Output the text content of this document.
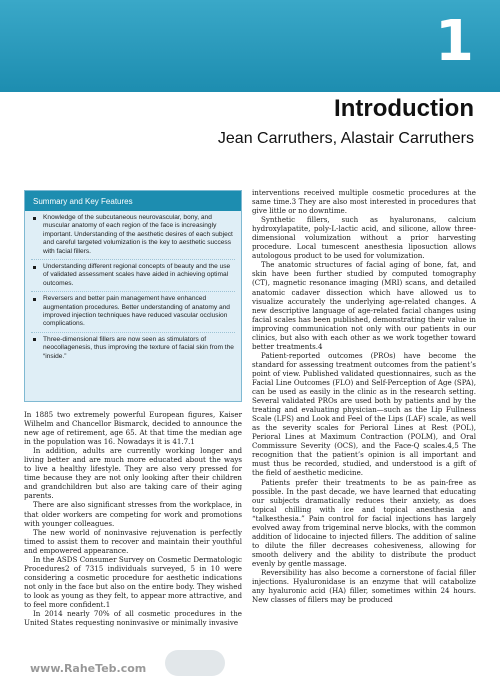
1
Introduction
Jean Carruthers, Alastair Carruthers
Summary and Key Features
Knowledge of the subcutaneous neurovascular, bony, and muscular anatomy of each region of the face is increasingly important. Understanding of the aesthetic desires of each subject and careful targeted volumization is the key to aesthetic success with facial fillers.
Understanding different regional concepts of beauty and the use of validated assessment scales have aided in achieving optimal outcomes.
Reversers and better pain management have enhanced augmentation procedures. Better understanding of anatomy and improved injection techniques have reduced vascular occlusion complications.
Three-dimensional fillers are now seen as stimulators of neocollagenesis, thus improving the texture of facial skin from the “inside.”

In 1885 two extremely powerful European figures, Kaiser Wilhelm and Chancellor Bismarck, decided to announce the new age of retirement, age 65. At that time the median age in the population was 16. Nowadays it is 41.7.1

In addition, adults are currently working longer and living better and are much more educated about the ways to live a healthy lifestyle. They are also very pressed for time because they are not only looking after their children and grandchildren but also are taking care of their aging parents.

There are also significant stresses from the workplace, in that older workers are competing for work and promotions with younger colleagues.

The new world of noninvasive rejuvenation is perfectly timed to assist them to recover and maintain their youthful and empowered appearance.

In the ASDS Consumer Survey on Cosmetic Dermatologic Procedures2 of 7315 individuals surveyed, 5 in 10 were considering a cosmetic procedure for aesthetic indications not only in the face but also on the entire body. They wished to look as young as they felt, to appear more attractive, and to feel more confident.1

In 2014 nearly 70% of all cosmetic procedures in the United States requesting noninvasive or minimally invasive

interventions received multiple cosmetic procedures at the same time.3 They are also most interested in procedures that give little or no downtime.

Synthetic fillers, such as hyaluronans, calcium hydroxylapatite, poly-L-lactic acid, and silicone, allow three-dimensional volumization without a prior harvesting procedure. Local tumescent anesthesia liposuction allows autologous product to be used for volumization.

The anatomic structures of facial aging of bone, fat, and skin have been further studied by computed tomography (CT), magnetic resonance imaging (MRI) scans, and detailed anatomic cadaver dissection which have allowed us to visualize accurately the underlying age-related changes. A new descriptive language of age-related facial changes using facial scales has been published, demonstrating their value in improving communication not only with our patients in our clinics, but also with each other as we work together toward better treatments.4

Patient-reported outcomes (PROs) have become the standard for assessing treatment outcomes from the patient’s point of view. Published validated questionnaires, such as the Facial Line Outcomes (FLO) and Self-Perception of Age (SPA), can be used as easily in the clinic as in the research setting. Several validated PROs are used both by patients and by the treating and evaluating physician—such as the Lip Fullness Scale (LFS) and Look and Feel of the Lips (LAF) scale, as well as the severity scales for Perioral Lines at Rest (POL), Perioral Lines at Maximum Contraction (POLM), and Oral Commissure Severity (OCS), and the Face-Q scales.4,5 The recognition that the patient’s opinion is all important and must thus be recorded, studied, and understood is a gift of the field of aesthetic medicine.

Patients prefer their treatments to be as pain-free as possible. In the past decade, we have learned that educating our subjects dramatically reduces their anxiety, as does topical chilling with ice and topical anesthesia and “talkesthesia.” Pain control for facial injections has largely evolved away from trigeminal nerve blocks, with the common addition of lidocaine to injected fillers. The addition of saline to dilute the filler decreases cohesiveness, allowing for smooth delivery and the ability to distribute the product evenly by gentle massage.

Reversibility has also become a cornerstone of facial filler injections. Hyaluronidase is an enzyme that will catabolize any hyaluronic acid (HA) filler, sometimes within 24 hours. New classes of fillers may be produced

www.RaheTeb.com
